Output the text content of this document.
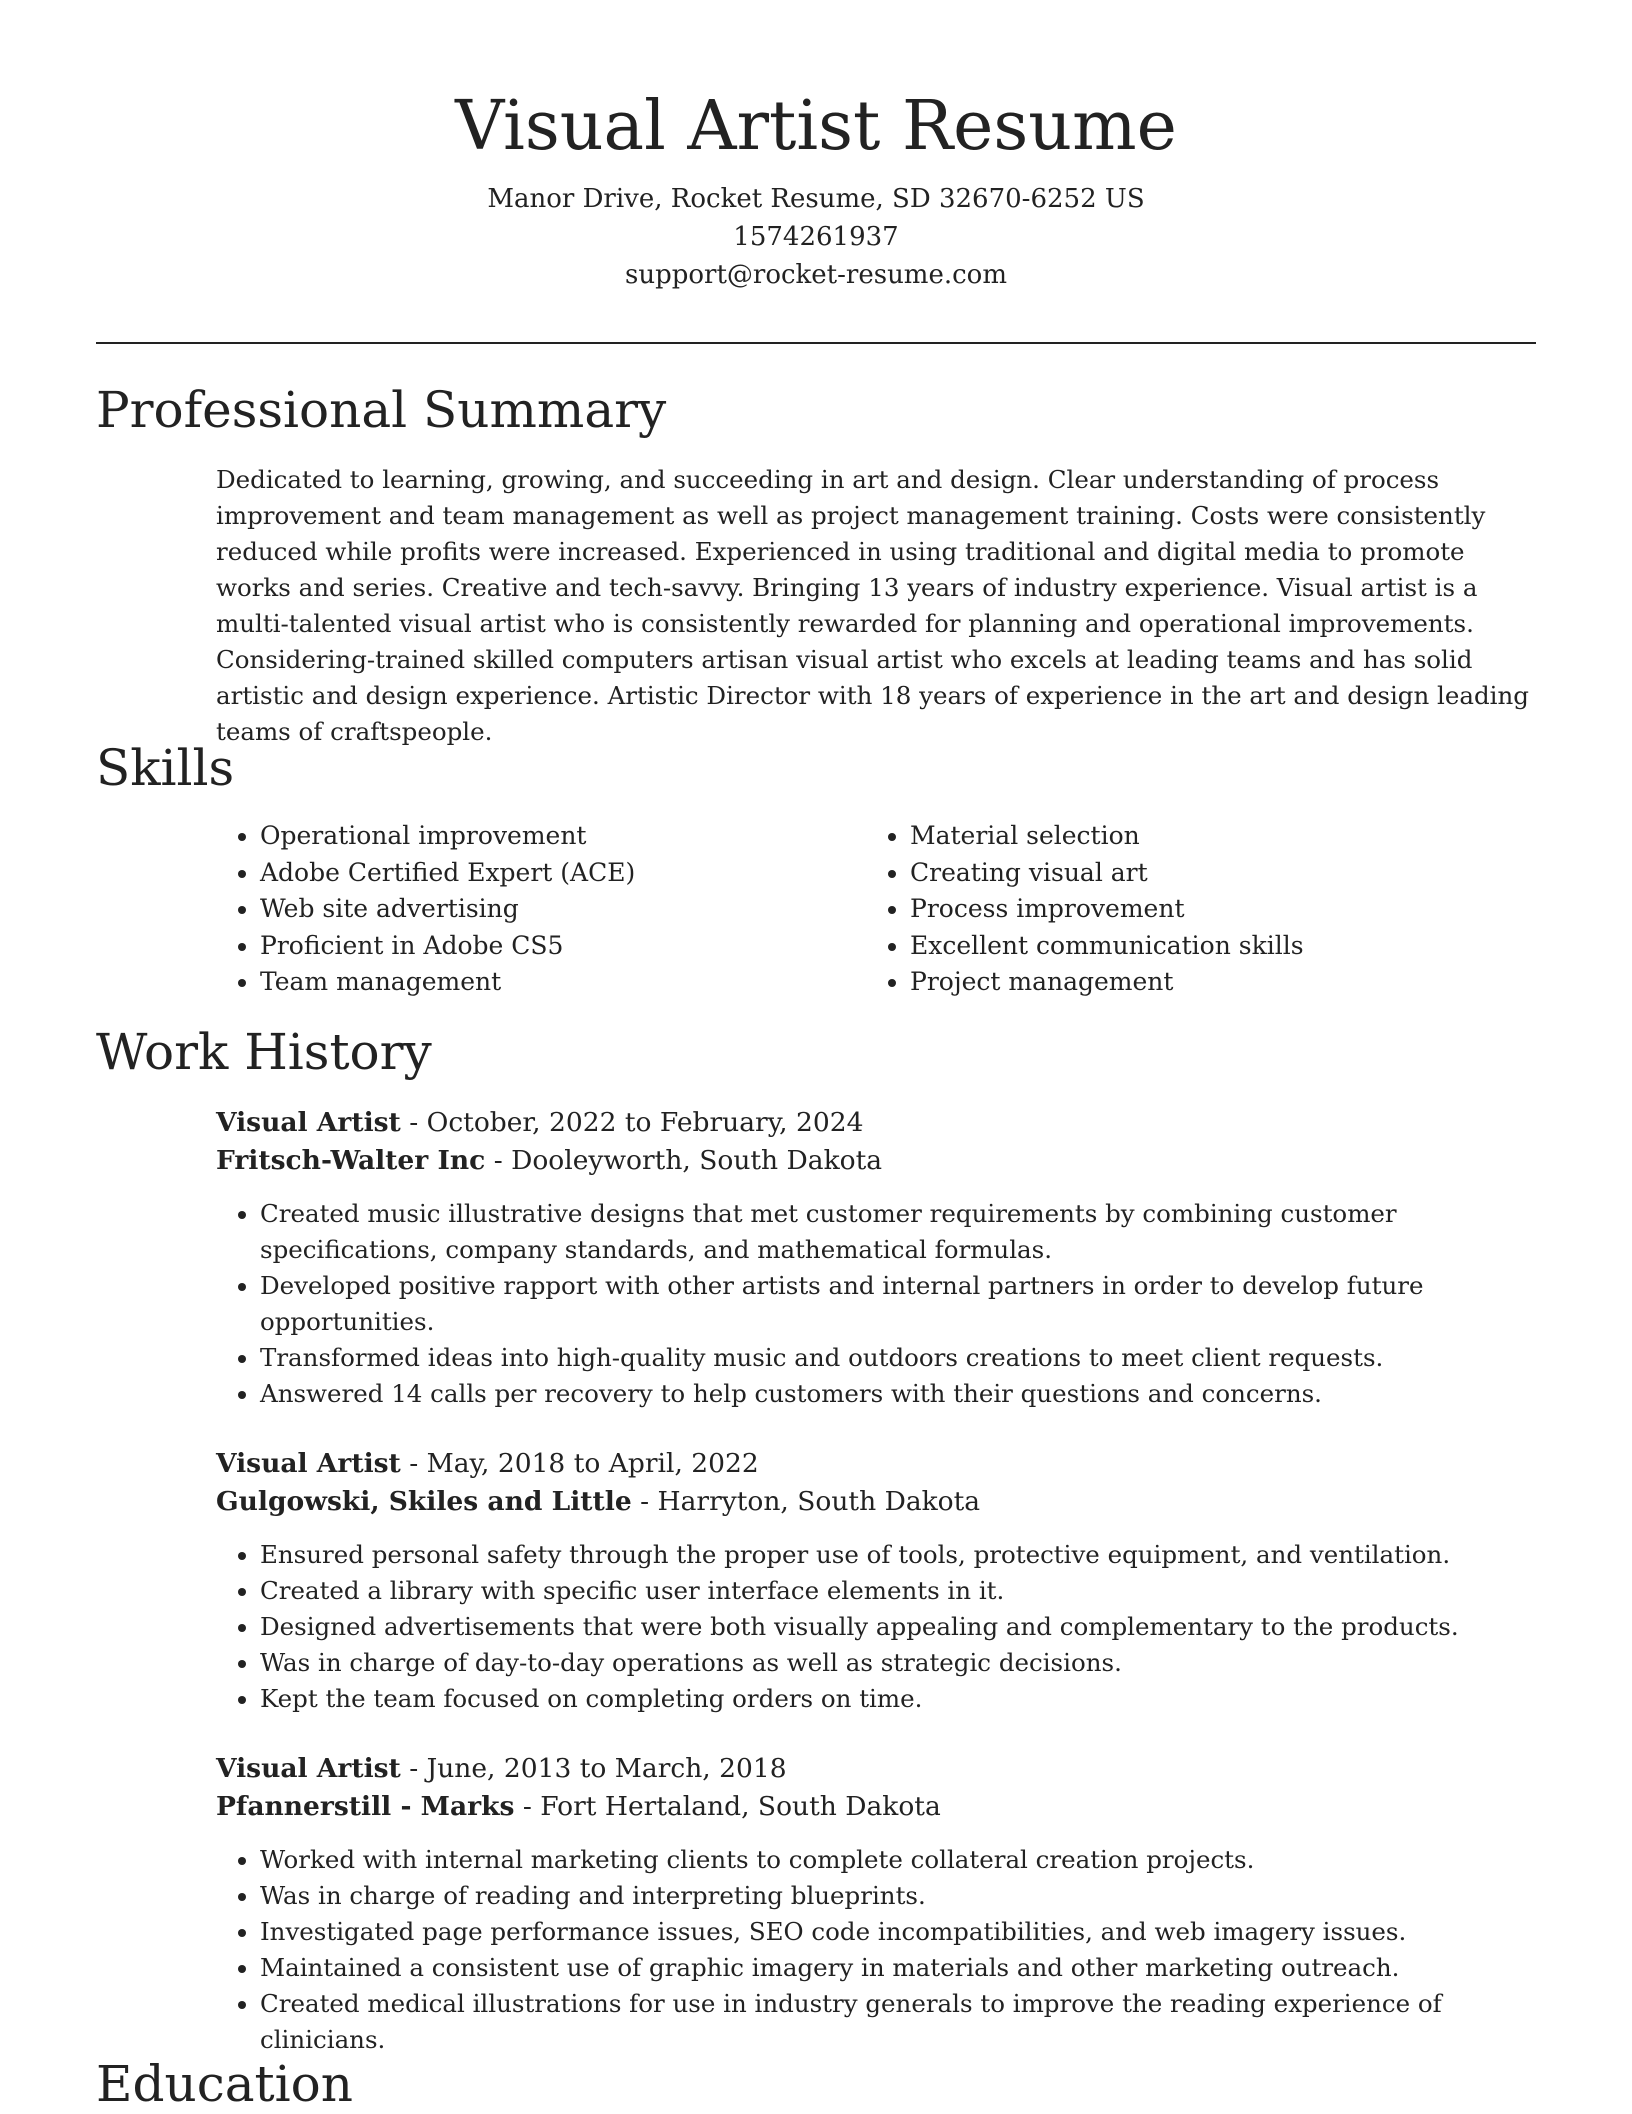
Visual Artist Resume
Manor Drive, Rocket Resume, SD 32670-6252 US
1574261937
support@rocket-resume.com
Professional Summary

Dedicated to learning, growing, and succeeding in art and design. Clear understanding of process improvement and team management as well as project management training. Costs were consistently reduced while profits were increased. Experienced in using traditional and digital media to promote works and series. Creative and tech-savvy. Bringing 13 years of industry experience. Visual artist is a multi-talented visual artist who is consistently rewarded for planning and operational improvements. Considering-trained skilled computers artisan visual artist who excels at leading teams and has solid artistic and design experience. Artistic Director with 18 years of experience in the art and design leading teams of craftspeople.

Skills
• Operational improvement
• Adobe Certified Expert (ACE)
• Web site advertising
• Proficient in Adobe CS5
• Team management
• Material selection
• Creating visual art
• Process improvement
• Excellent communication skills
• Project management
Work History
Visual Artist - October, 2022 to February, 2024
Fritsch-Walter Inc - Dooleyworth, South Dakota
• Created music illustrative designs that met customer requirements by combining customer specifications, company standards, and mathematical formulas.
• Developed positive rapport with other artists and internal partners in order to develop future opportunities.
• Transformed ideas into high-quality music and outdoors creations to meet client requests.
• Answered 14 calls per recovery to help customers with their questions and concerns.
Visual Artist - May, 2018 to April, 2022
Gulgowski, Skiles and Little - Harryton, South Dakota
• Ensured personal safety through the proper use of tools, protective equipment, and ventilation.
• Created a library with specific user interface elements in it.
• Designed advertisements that were both visually appealing and complementary to the products.
• Was in charge of day-to-day operations as well as strategic decisions.
• Kept the team focused on completing orders on time.
Visual Artist - June, 2013 to March, 2018
Pfannerstill - Marks - Fort Hertaland, South Dakota
• Worked with internal marketing clients to complete collateral creation projects.
• Was in charge of reading and interpreting blueprints.
• Investigated page performance issues, SEO code incompatibilities, and web imagery issues.
• Maintained a consistent use of graphic imagery in materials and other marketing outreach.
• Created medical illustrations for use in industry generals to improve the reading experience of clinicians.
Education
